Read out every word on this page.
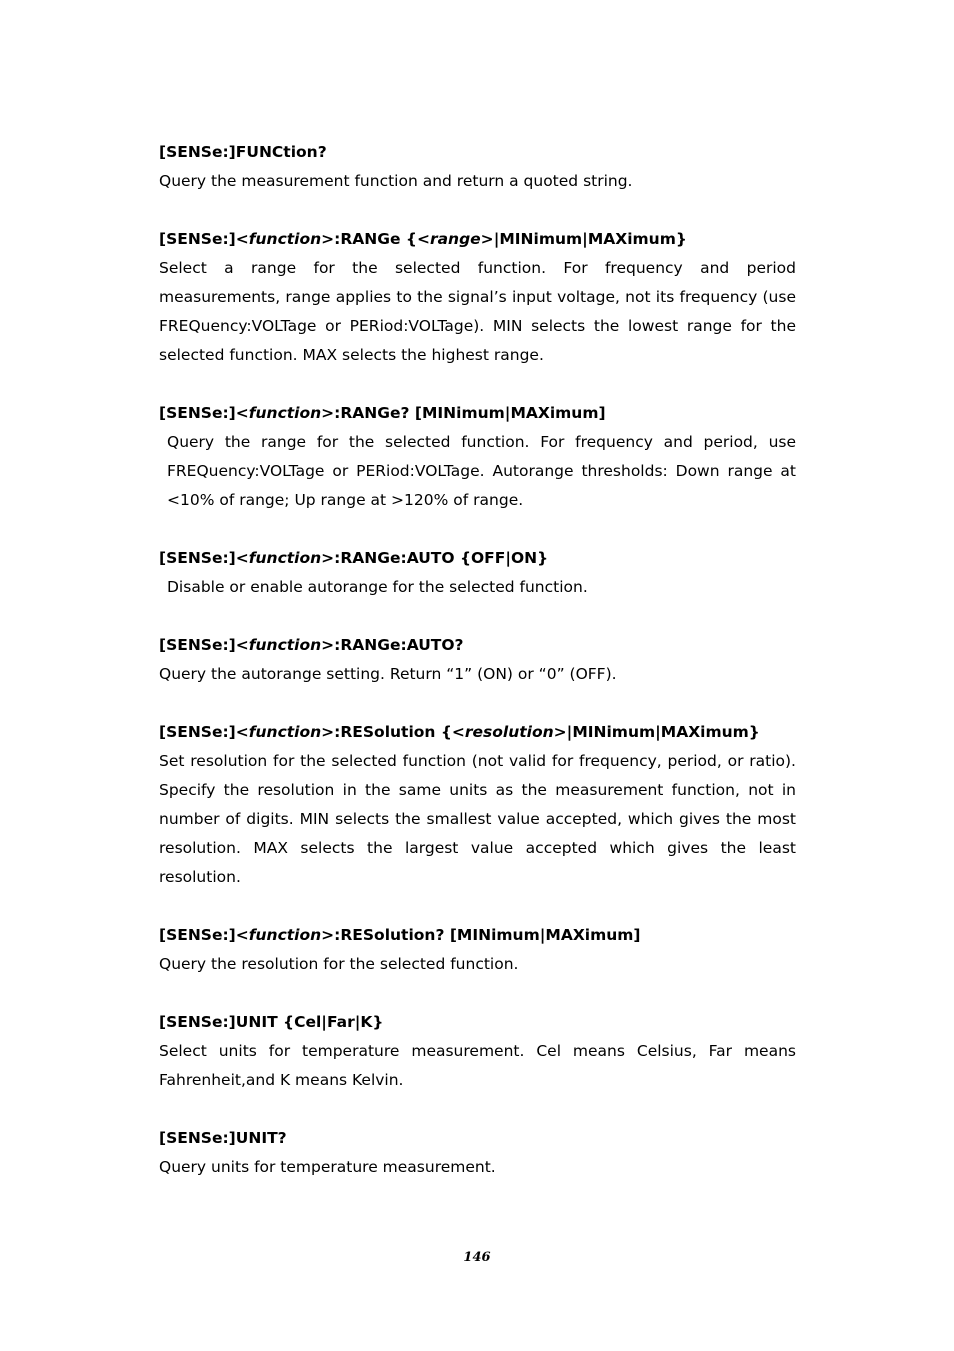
[SENSe:]FUNCtion?
Query the measurement function and return a quoted string.
[SENSe:]<function>:RANGe {<range>|MINimum|MAXimum}
Select a range for the selected function. For frequency and period measurements, range applies to the signal’s input voltage, not its frequency (use FREQuency:VOLTage or PERiod:VOLTage). MIN selects the lowest range for the selected function. MAX selects the highest range.
[SENSe:]<function>:RANGe? [MINimum|MAXimum]
Query the range for the selected function. For frequency and period, use FREQuency:VOLTage or PERiod:VOLTage. Autorange thresholds: Down range at <10% of range; Up range at >120% of range.
[SENSe:]<function>:RANGe:AUTO {OFF|ON}
Disable or enable autorange for the selected function.
[SENSe:]<function>:RANGe:AUTO?
Query the autorange setting. Return “1” (ON) or “0” (OFF).
[SENSe:]<function>:RESolution {<resolution>|MINimum|MAXimum}
Set resolution for the selected function (not valid for frequency, period, or ratio). Specify the resolution in the same units as the measurement function, not in number of digits. MIN selects the smallest value accepted, which gives the most resolution. MAX selects the largest value accepted which gives the least resolution.
[SENSe:]<function>:RESolution? [MINimum|MAXimum]
Query the resolution for the selected function.
[SENSe:]UNIT {Cel|Far|K}
Select units for temperature measurement. Cel means Celsius, Far means Fahrenheit,and K means Kelvin.
[SENSe:]UNIT?
Query units for temperature measurement.
146
